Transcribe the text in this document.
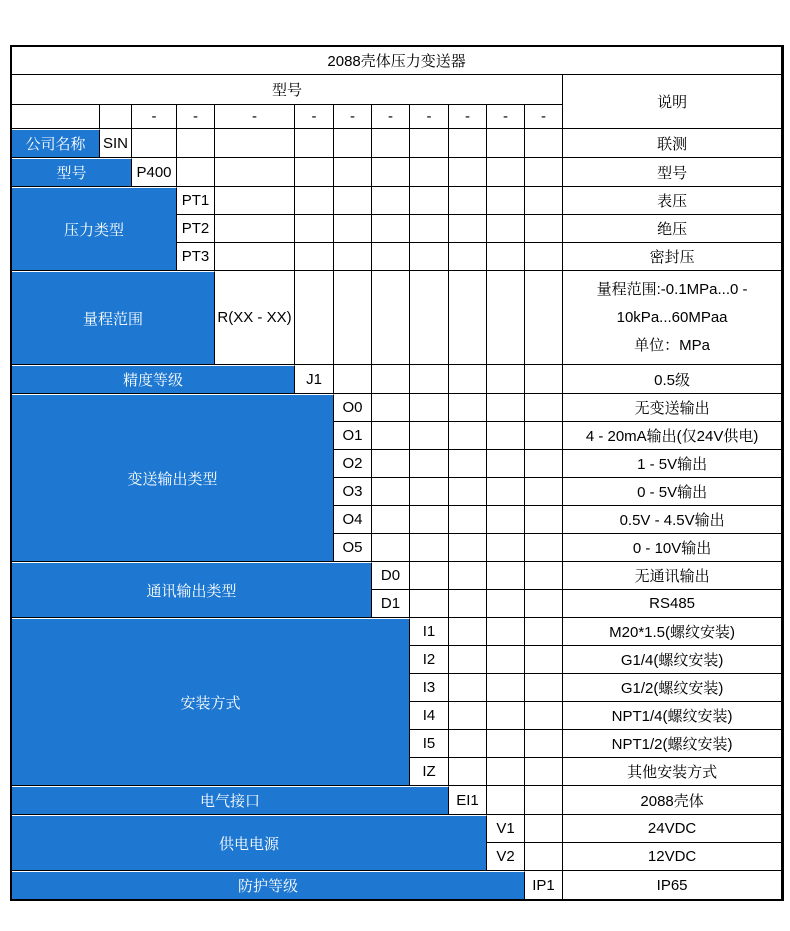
2088壳体压力变送器												
型号												说明
		-	-	-	-	-	-	-	-	-	-	
公司名称	SIN											联测
型号		P400										型号
压力类型			PT1									表压
			PT2									绝压
			PT3									密封压
量程范围				R(XX - XX)								量程范围:-0.1MPa...0 -
10kPa...60MPaa
单位：MPa
精度等级					J1							0.5级
变送输出类型						O0						无变送输出
						O1						4 - 20mA输出(仅24V供电)
						O2						1 - 5V输出
						O3						0 - 5V输出
						O4						0.5V - 4.5V输出
						O5						0 - 10V输出
通讯输出类型							D0					无通讯输出
							D1					RS485
安装方式								I1				M20*1.5(螺纹安装)
								I2				G1/4(螺纹安装)
								I3				G1/2(螺纹安装)
								I4				NPT1/4(螺纹安装)
								I5				NPT1/2(螺纹安装)
								IZ				其他安装方式
电气接口									EI1			2088壳体
供电电源										V1		24VDC
										V2		12VDC
防护等级											IP1	IP65
